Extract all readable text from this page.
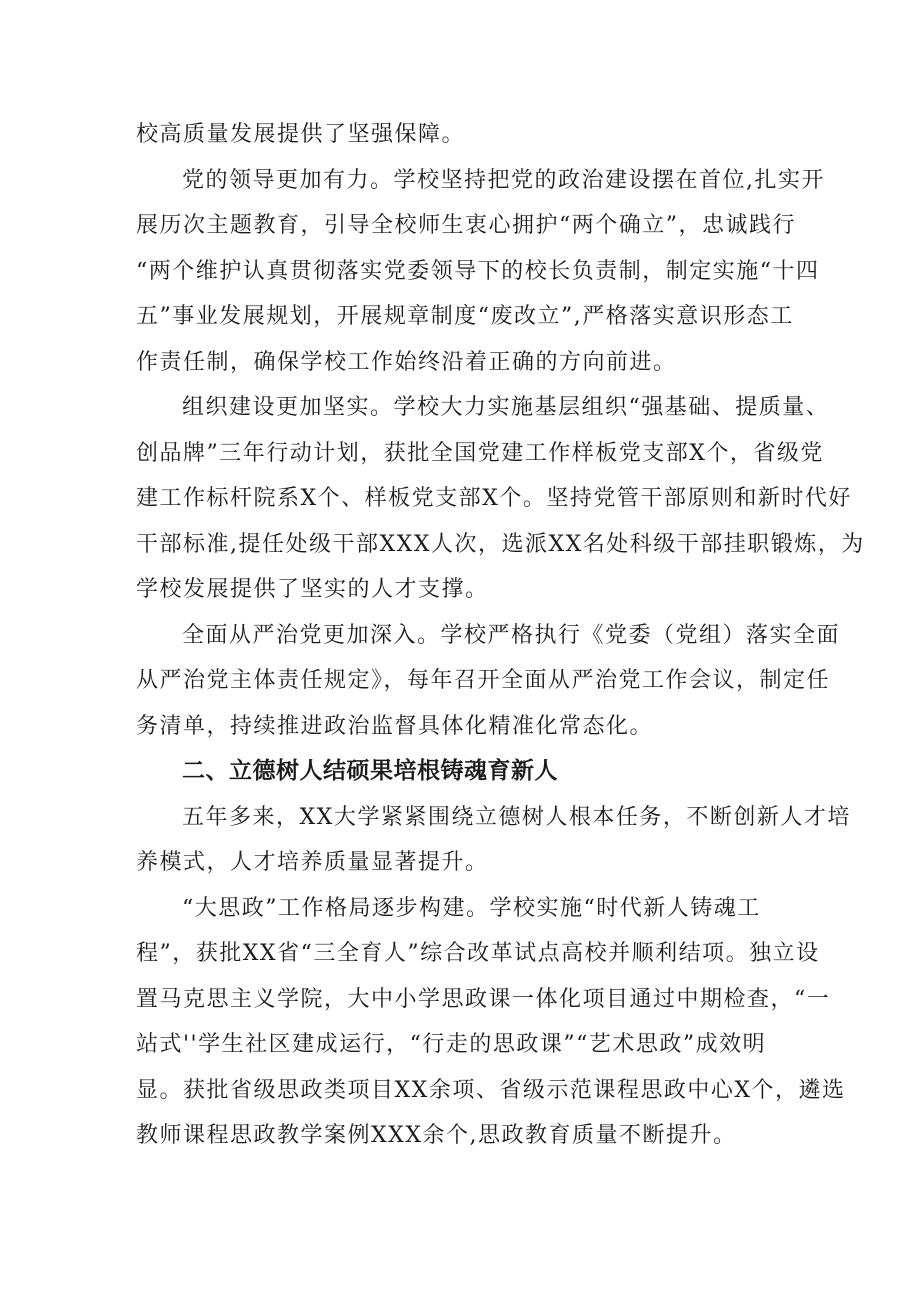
校高质量发展提供了坚强保障。
党的领导更加有力。学校坚持把党的政治建设摆在首位,扎实开
展历次主题教育，引导全校师生衷心拥护“两个确立”，忠诚践行
“两个维护认真贯彻落实党委领导下的校长负责制，制定实施“十四
五”事业发展规划，开展规章制度“废改立”,严格落实意识形态工
作责任制，确保学校工作始终沿着正确的方向前进。
组织建设更加坚实。学校大力实施基层组织“强基础、提质量、
创品牌”三年行动计划，获批全国党建工作样板党支部X个，省级党
建工作标杆院系X个、样板党支部X个。坚持党管干部原则和新时代好
干部标准,提任处级干部XXX人次，选派XX名处科级干部挂职锻炼，为
学校发展提供了坚实的人才支撑。
全面从严治党更加深入。学校严格执行《党委（党组）落实全面
从严治党主体责任规定》，每年召开全面从严治党工作会议，制定任
务清单，持续推进政治监督具体化精准化常态化。
二、立德树人结硕果培根铸魂育新人
五年多来，XX大学紧紧围绕立德树人根本任务，不断创新人才培
养模式，人才培养质量显著提升。
“大思政”工作格局逐步构建。学校实施“时代新人铸魂工
程”，获批XX省“三全育人”综合改革试点高校并顺利结项。独立设
置马克思主义学院，大中小学思政课一体化项目通过中期检查，“一
站式''学生社区建成运行，“行走的思政课”“艺术思政”成效明
显。获批省级思政类项目XX余项、省级示范课程思政中心X个，遴选
教师课程思政教学案例XXX余个,思政教育质量不断提升。
